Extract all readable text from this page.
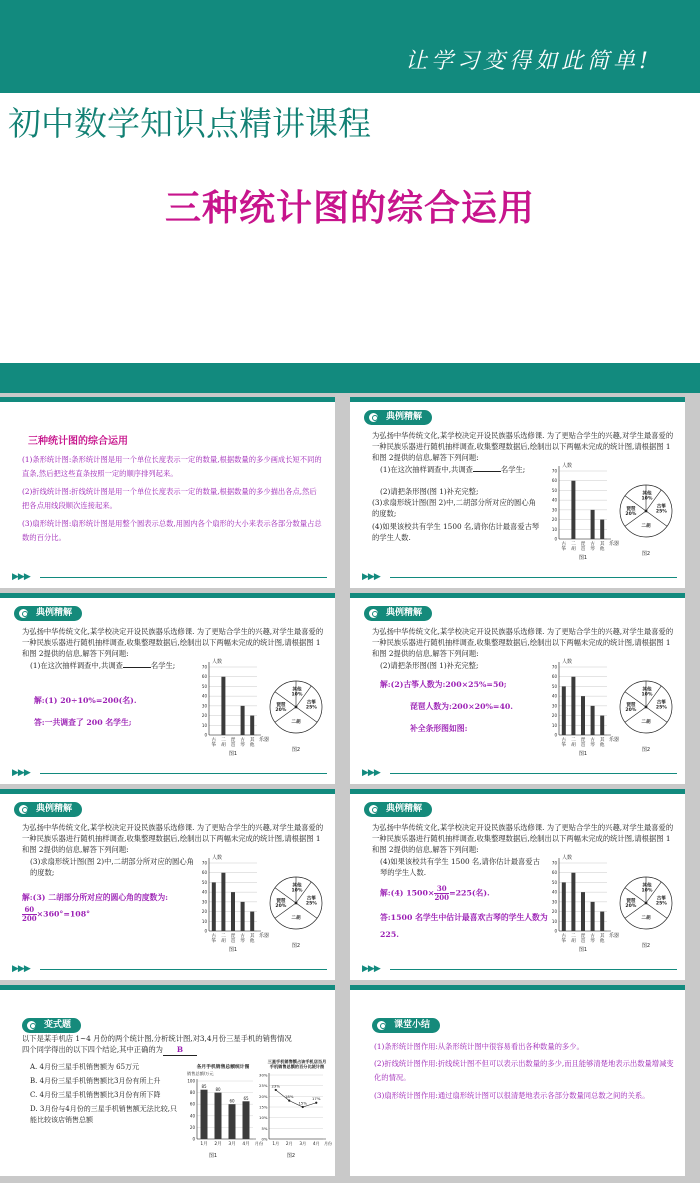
让学习变得如此简单!
初中数学知识点精讲课程
三种统计图的综合运用
三种统计图的综合运用
(1)条形统计图:条形统计图是用一个单位长度表示一定的数量,根据数量的多少画成长短不同的直条,然后把这些直条按照一定的顺序排列起来。
(2)折线统计图:折线统计图是用一个单位长度表示一定的数量,根据数量的多少描出各点,然后把各点用线段顺次连接起来。
(3)扇形统计图:扇形统计图是用整个圆表示总数,用圆内各个扇形的大小来表示各部分数量占总数的百分比。
▶▶▶
典例精解
为弘扬中华传统文化,某学校决定开设民族器乐选修课. 为了更贴合学生的兴趣,对学生最喜爱的一种民族乐器进行随机抽样调查,收集整理数据后,绘制出以下两幅未完成的统计图,请根据图 1 和图 2提供的信息,解答下列问题:
(1)在这次抽样调查中,共调查	名学生;
(2)请把条形图(图 1)补充完整;
(3)求扇形统计图(图 2)中,二胡部分所对应的圆心角的度数;
(4)如果该校共有学生 1500 名,请你估计最喜爱古琴的学生人数.	0
10
20
30
40
50
60
70
人数
乐器
古
筝
二
胡
琵
琶
古
琴
其
他
图1
其他
10%
古筝
25%
二胡
琵琶
20%
图2
▶▶▶
典例精解
为弘扬中华传统文化,某学校决定开设民族器乐选修课. 为了更贴合学生的兴趣,对学生最喜爱的一种民族乐器进行随机抽样调查,收集整理数据后,绘制出以下两幅未完成的统计图,请根据图 1 和图 2提供的信息,解答下列问题:
(1)在这次抽样调查中,共调查	名学生;
解:(1) 20÷10%=200(名).
答:一共调查了 200 名学生;
0
10
20
30
40
50
60
70
人数
乐器
古
筝
二
胡
琵
琶
古
琴
其
他
图1
其他
10%
古筝
25%
二胡
琵琶
20%
图2
▶▶▶
典例精解
为弘扬中华传统文化,某学校决定开设民族器乐选修课. 为了更贴合学生的兴趣,对学生最喜爱的一种民族乐器进行随机抽样调查,收集整理数据后,绘制出以下两幅未完成的统计图,请根据图 1 和图 2提供的信息,解答下列问题:
(2)请把条形图(图 1)补充完整;
解:(2)古筝人数为:200×25%=50;
琵琶人数为:200×20%=40.
补全条形图如图:
0
10
20
30
40
50
60
70
人数
乐器
古
筝
二
胡
琵
琶
古
琴
其
他
图1
其他
10%
古筝
25%
二胡
琵琶
20%
图2
▶▶▶
典例精解
为弘扬中华传统文化,某学校决定开设民族器乐选修课. 为了更贴合学生的兴趣,对学生最喜爱的一种民族乐器进行随机抽样调查,收集整理数据后,绘制出以下两幅未完成的统计图,请根据图 1 和图 2提供的信息,解答下列问题:
(3)求扇形统计图(图 2)中,二胡部分所对应的圆心角的度数;
解:(3) 二胡部分所对应的圆心角的度数为:
$\frac{60}{200} \times 360^\circ=108^\circ$
0
10
20
30
40
50
60
70
人数
乐器
古
筝
二
胡
琵
琶
古
琴
其
他
图1
其他
10%
古筝
25%
二胡
琵琶
20%
图2
▶▶▶
典例精解
为弘扬中华传统文化,某学校决定开设民族器乐选修课. 为了更贴合学生的兴趣,对学生最喜爱的一种民族乐器进行随机抽样调查,收集整理数据后,绘制出以下两幅未完成的统计图,请根据图 1 和图 2提供的信息,解答下列问题:
(4)如果该校共有学生 1500 名,请你估计最喜爱古琴的学生人数.
解:(4) $1500\times \frac{30}{200} =225$(名).
答:1500 名学生中估计最喜欢古琴的学生人数为 225.	0
10
20
30
40
50
60
70
人数
乐器
古
筝
二
胡
琵
琶
古
琴
其
他
图1
其他
10%
古筝
25%
二胡
琵琶
20%
图2
▶▶▶
变式题
以下是某手机店 1~4 月份的两个统计图,分析统计图,对3,4月份三星手机的销售情况四个同学得出的以下四个结论,其中正确的为 B
A. 4月份三星手机销售额为 65万元
B. 4月份三星手机销售额比3月份有所上升
C. 4月份三星手机销售额比3月份有所下降
D. 3月份与4月份的三星手机销售额无法比较,只能比较该店销售总额
各月手机销售总额统计图
销售总额/万元
0
20
40
60
80
100
85
1月
80
2月
60
3月
65
4月 月份
图1
三星手机销售额占该手机店当月
手机销售总额的百分比统计图
0%
5%
10%
15%
20%
25%
30%
1月 2月 3月 4月
23%
18%
15%
17%
月份
图2
课堂小结
(1)条形统计图作用:从条形统计图中很容易看出各种数量的多少。
(2)折线统计图作用:折线统计图不但可以表示出数量的多少,而且能够清楚地表示出数量增减变化的情况。
(3)扇形统计图作用:通过扇形统计图可以很清楚地表示各部分数量同总数之间的关系。
